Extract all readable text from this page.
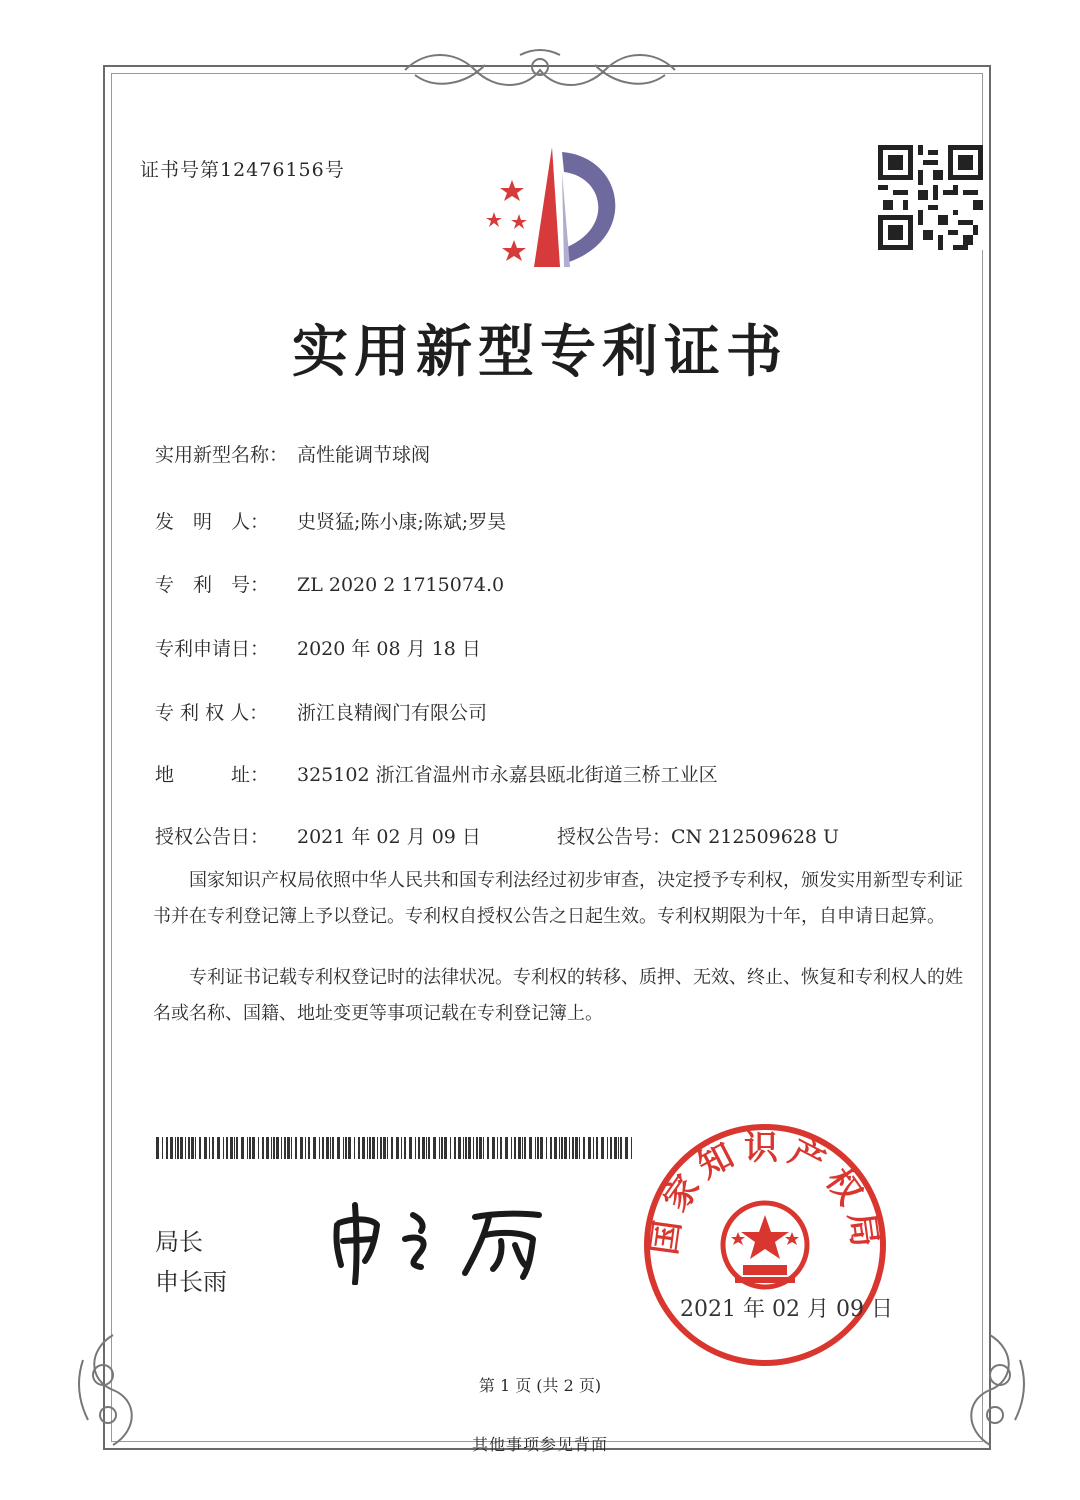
证书号第12476156号
实用新型专利证书
实用新型名称： 高性能调节球阀
发　明　人： 史贤猛;陈小康;陈斌;罗昊
专　利　号： ZL 2020 2 1715074.0
专利申请日： 2020 年 08 月 18 日
专 利 权 人： 浙江良精阀门有限公司
地　　　址： 325102 浙江省温州市永嘉县瓯北街道三桥工业区
授权公告日： 2021 年 02 月 09 日	授权公告号：CN 212509628 U
国家知识产权局依照中华人民共和国专利法经过初步审查，决定授予专利权，颁发实用新型专利证书并在专利登记簿上予以登记。专利权自授权公告之日起生效。专利权期限为十年，自申请日起算。
专利证书记载专利权登记时的法律状况。专利权的转移、质押、无效、终止、恢复和专利权人的姓名或名称、国籍、地址变更等事项记载在专利登记簿上。
局长
申长雨
国家知识产权局
2021 年 02 月 09 日
第 1 页 (共 2 页)
其他事项参见背面
